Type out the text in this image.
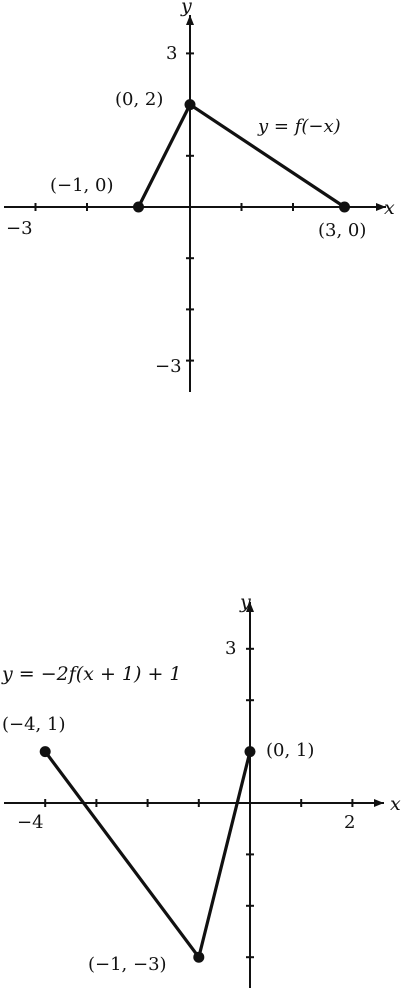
x
y
−3
3
−3
y = f(−x)
(−1, 0)
(0, 2)
(3, 0)
x
y
−4	2
3
y = −2f(x + 1) + 1
(−4, 1)
(−1, −3)
(0, 1)
